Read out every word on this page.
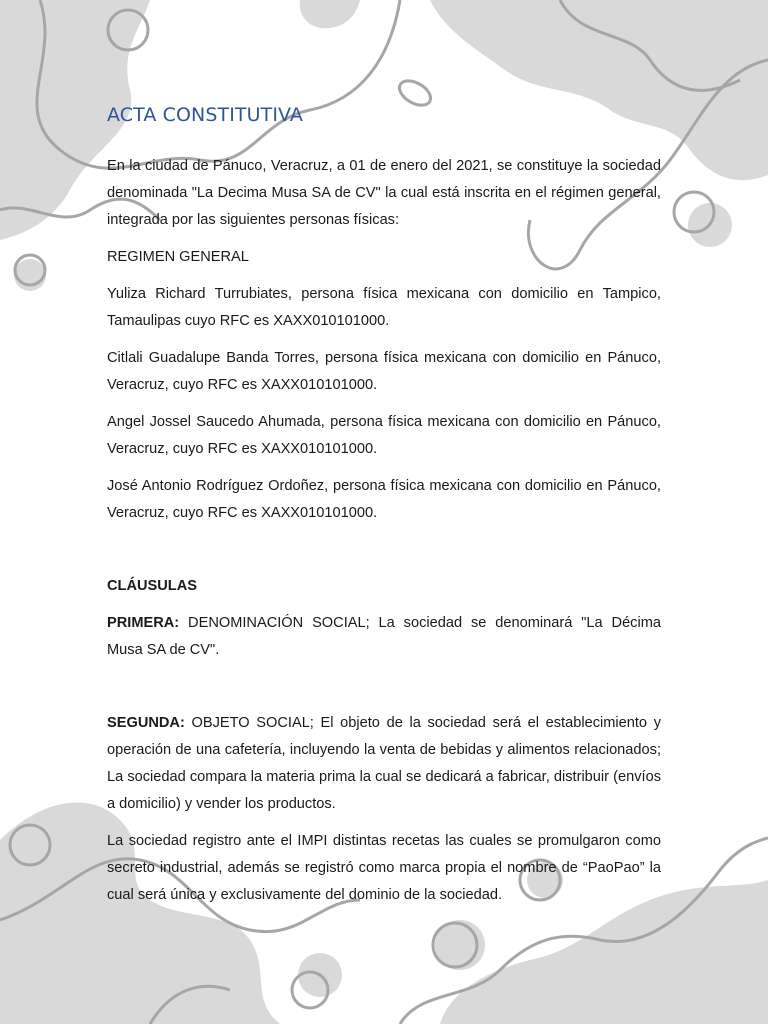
ACTA CONSTITUTIVA

En la ciudad de Pánuco, Veracruz, a 01 de enero del 2021, se constituye la sociedad denominada "La Decima Musa SA de CV" la cual está inscrita en el régimen general, integrada por las siguientes personas físicas:

REGIMEN GENERAL

Yuliza Richard Turrubiates, persona física mexicana con domicilio en Tampico, Tamaulipas cuyo RFC es XAXX010101000.

Citlali Guadalupe Banda Torres, persona física mexicana con domicilio en Pánuco, Veracruz, cuyo RFC es XAXX010101000.

Angel Jossel Saucedo Ahumada, persona física mexicana con domicilio en Pánuco, Veracruz, cuyo RFC es XAXX010101000.

José Antonio Rodríguez Ordoñez, persona física mexicana con domicilio en Pánuco, Veracruz, cuyo RFC es XAXX010101000.

CLÁUSULAS

PRIMERA: DENOMINACIÓN SOCIAL; La sociedad se denominará "La Décima Musa SA de CV".

SEGUNDA: OBJETO SOCIAL; El objeto de la sociedad será el establecimiento y operación de una cafetería, incluyendo la venta de bebidas y alimentos relacionados; La sociedad compara la materia prima la cual se dedicará a fabricar, distribuir (envíos a domicilio) y vender los productos.

La sociedad registro ante el IMPI distintas recetas las cuales se promulgaron como secreto industrial, además se registró como marca propia el nombre de “PaoPao” la cual será única y exclusivamente del dominio de la sociedad.
